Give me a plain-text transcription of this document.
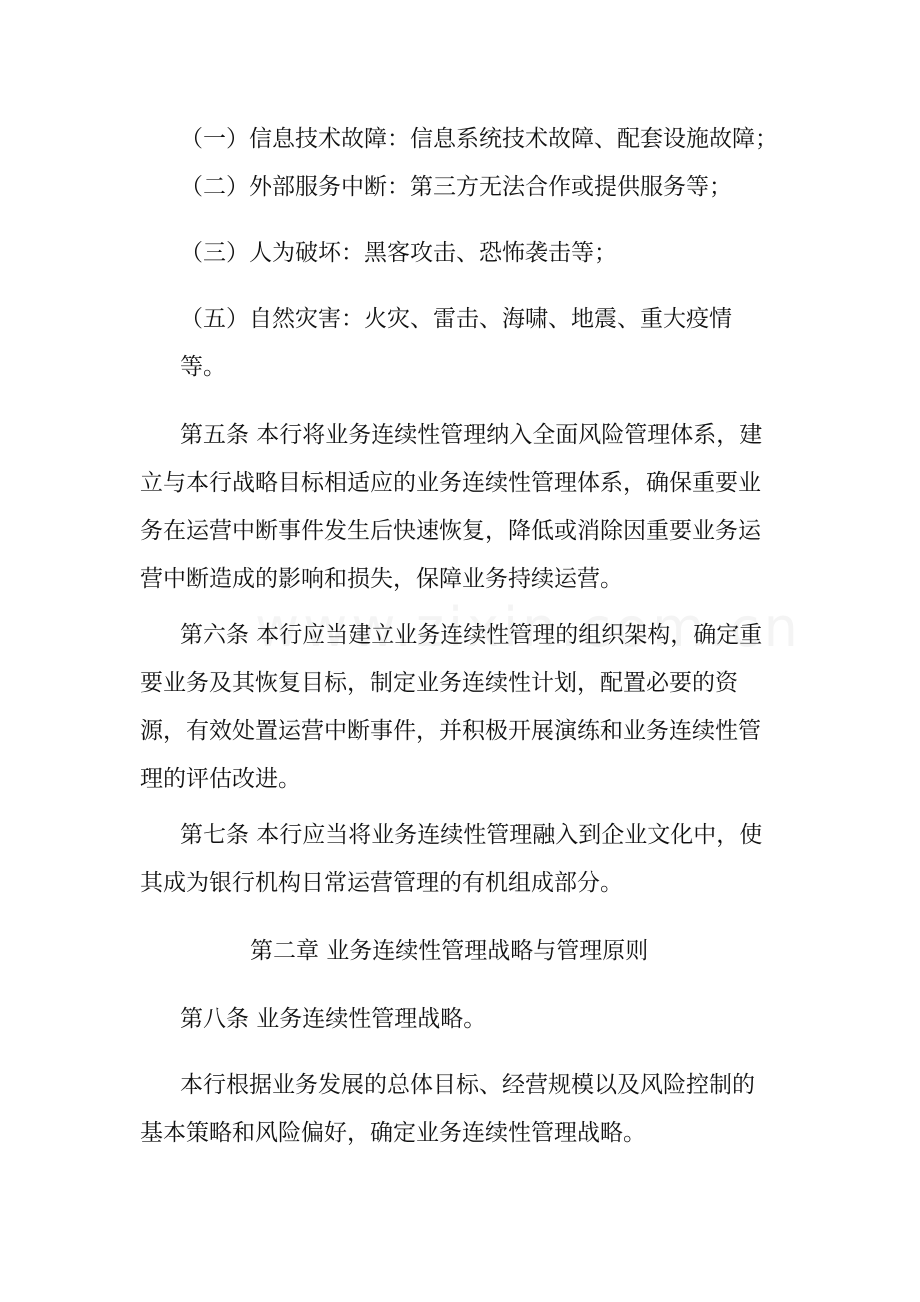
（一）信息技术故障：信息系统技术故障、配套设施故障；
（二）外部服务中断：第三方无法合作或提供服务等；
（三）人为破坏：黑客攻击、恐怖袭击等；
（五）自然灾害：火灾、雷击、海啸、地震、重大疫情
等。
第五条 本行将业务连续性管理纳入全面风险管理体系，建
立与本行战略目标相适应的业务连续性管理体系，确保重要业
务在运营中断事件发生后快速恢复，降低或消除因重要业务运
营中断造成的影响和损失，保障业务持续运营。
第六条 本行应当建立业务连续性管理的组织架构，确定重
要业务及其恢复目标，制定业务连续性计划，配置必要的资
源，有效处置运营中断事件，并积极开展演练和业务连续性管
理的评估改进。
第七条 本行应当将业务连续性管理融入到企业文化中，使
其成为银行机构日常运营管理的有机组成部分。
第二章 业务连续性管理战略与管理原则
第八条 业务连续性管理战略。
本行根据业务发展的总体目标、经营规模以及风险控制的
基本策略和风险偏好，确定业务连续性管理战略。
